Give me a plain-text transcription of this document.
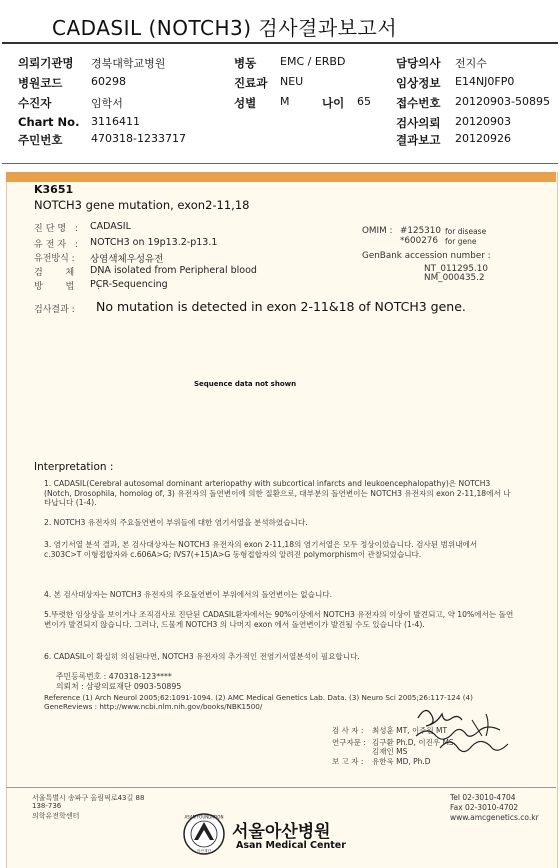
CADASIL (NOTCH3) 검사결과보고서
의뢰기관명 경북대학교병원
병원코드	60298
수진자	임학서
Chart No. 3116411
주민번호	470318-1233717
병동 EMC / ERBD
진료과 NEU
성별 M	나이 65
담당의사 전지수
임상정보 E14NJ0FP0
접수번호 20120903-50895
검사의뢰 20120903
결과보고 20120926
K3651
NOTCH3 gene mutation, exon2-11,18
진단명 : CADASIL
유전자 : NOTCH3 on 19p13.2-p13.1
유전방식 : 상염색체우성유전
검 체 :
DNA isolated from Peripheral blood
방 법 :
PCR-Sequencing
OMIM : #125310 for disease
*600276 for gene
GenBank accession number :
NT_011295.10
NM_000435.2
검사결과 : No mutation is detected in exon 2-11&18 of NOTCH3 gene.
Sequence data not shown
Interpretation :
1. CADASIL(Cerebral autosomal dominant arteriopathy with subcortical infarcts and leukoencephalopathy)은 NOTCH3 (Notch, Drosophila, homolog of, 3) 유전자의 돌연변이에 의한 질환으로, 대부분의 돌연변이는 NOTCH3 유전자의 exon 2-11,18에서 나타납니다 (1-4).
2. NOTCH3 유전자의 주요돌연변이 부위들에 대한 염기서열을 분석하였습니다.
3. 염기서열 분석 결과, 본 검사대상자는 NOTCH3 유전자의 exon 2-11,18의 염기서열은 모두 정상이었습니다. 검사된 범위내에서 c.303C>T 이형접합자와 c.606A>G; IVS7(+15)A>G 동형접합자의 알려진 polymorphism이 관찰되었습니다.
4. 본 검사대상자는 NOTCH3 유전자의 주요돌연변이 부위에서의 돌연변이는 없습니다.
5.뚜렷한 임상상을 보이거나 조직검사로 진단된 CADASIL환자에서는 90%이상에서 NOTCH3 유전자의 이상이 발견되고, 약 10%에서는 돌연변이가 발견되지 않습니다. 그러나, 드물게 NOTCH3 의 나머지 exon 에서 돌연변이가 발견될 수도 있습니다 (1-4).
6. CADASIL이 확실히 의심된다면, NOTCH3 유전자의 추가적인 전염기서열분석이 필요합니다.
주민등록번호 : 470318-123****
의뢰처 : 삼광의료재단 0903-50895
Reference (1) Arch Neurol 2005;62:1091-1094. (2) AMC Medical Genetics Lab. Data. (3) Neuro Sci 2005;26:117-124 (4) GeneReviews : http://www.ncbi.nlm.nih.gov/books/NBK1500/
검 사 자 : 최성훈 MT, 이주원 MT
연구자문 : 김구환 Ph.D, 이진우 MS
김재인 MS
보 고 자 : 유한욱 MD, Ph.D
서울특별시 송파구 올림픽로43길 88
138-736
의학유전학센터
Tel 02-3010-4704
Fax 02-3010-4702
www.amcgenetics.co.kr
ASAN FOUNDATION
아산재단
서울아산병원
Asan Medical Center
